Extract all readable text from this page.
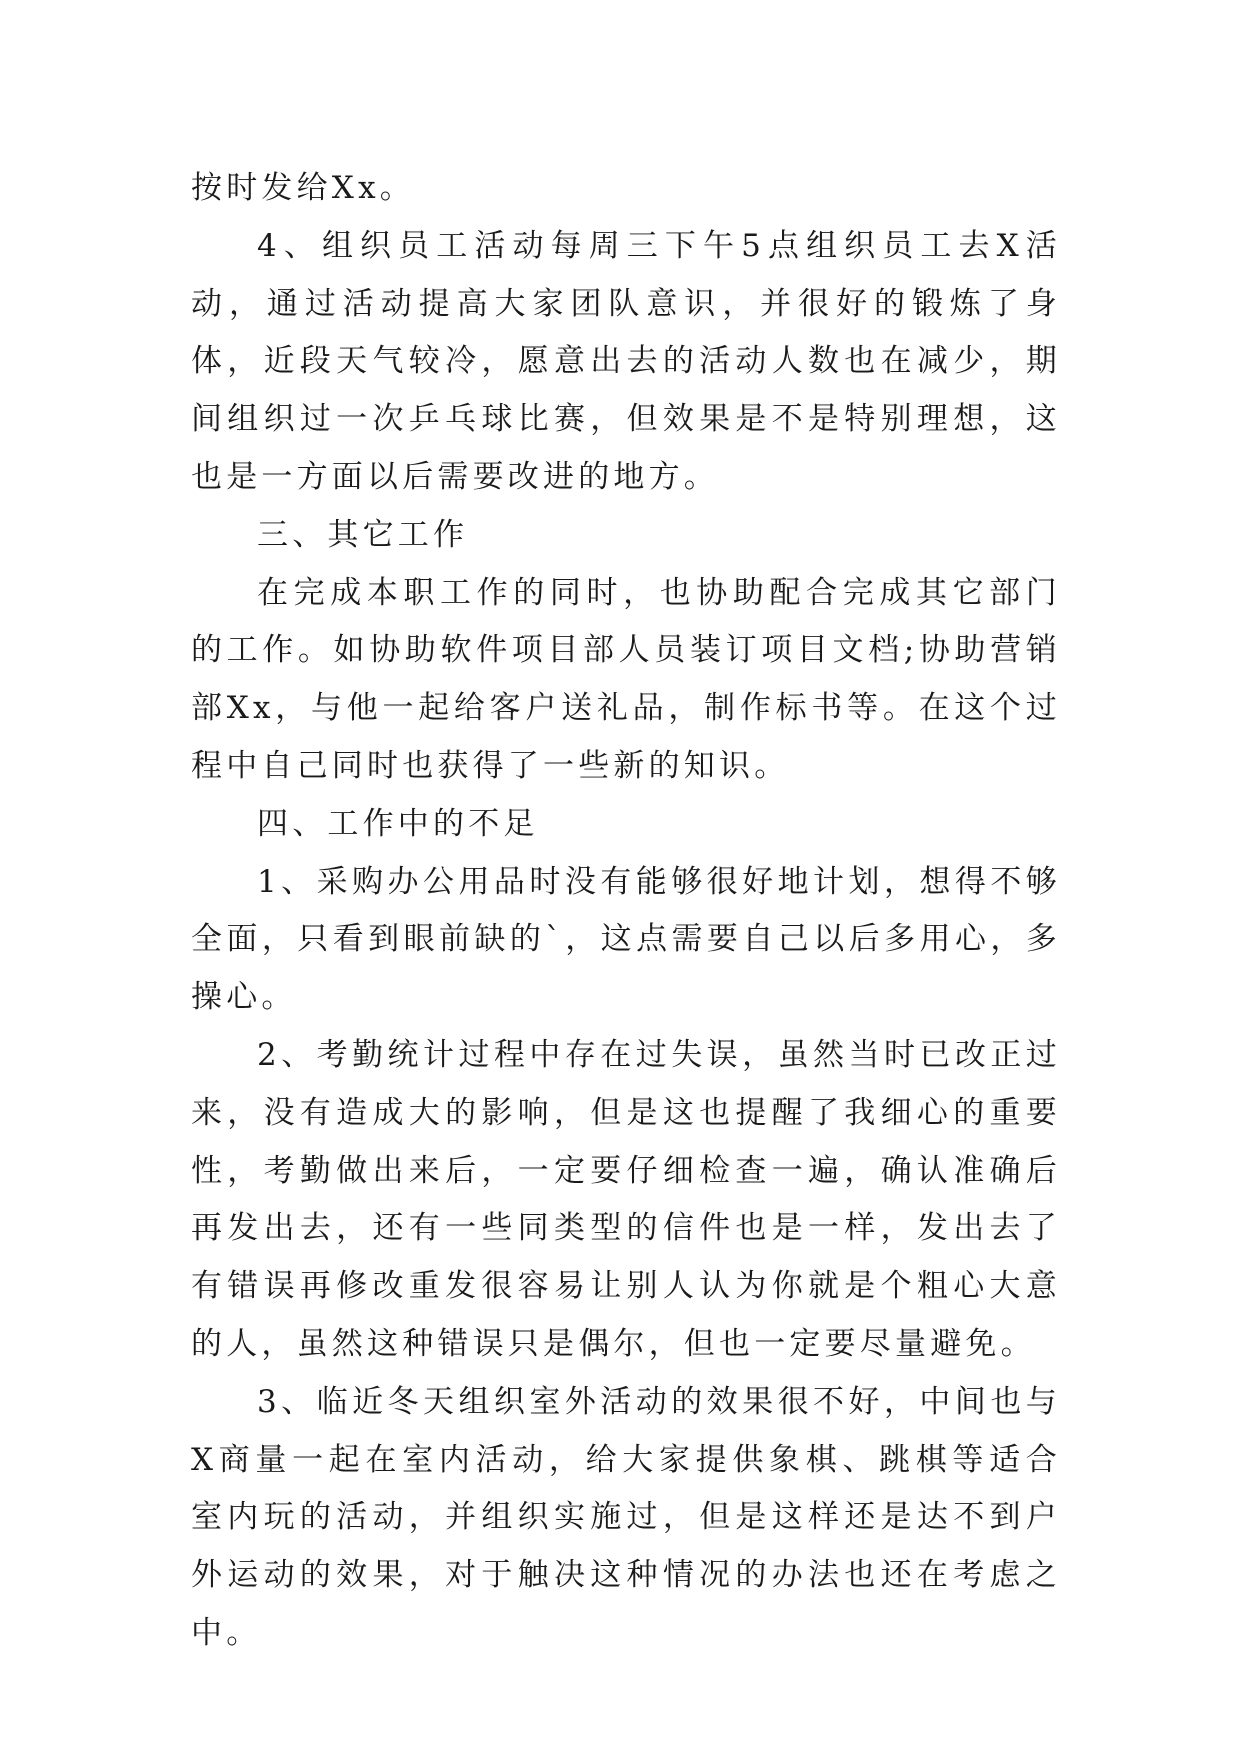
按时发给Xx。

4、组织员工活动每周三下午5点组织员工去X活动，通过活动提高大家团队意识，并很好的锻炼了身体，近段天气较冷，愿意出去的活动人数也在减少，期间组织过一次乒乓球比赛，但效果是不是特别理想，这也是一方面以后需要改进的地方。

三、其它工作

在完成本职工作的同时，也协助配合完成其它部门的工作。如协助软件项目部人员装订项目文档;协助营销部Xx，与他一起给客户送礼品，制作标书等。在这个过程中自己同时也获得了一些新的知识。

四、工作中的不足

1、采购办公用品时没有能够很好地计划，想得不够全面，只看到眼前缺的`，这点需要自己以后多用心，多操心。

2、考勤统计过程中存在过失误，虽然当时已改正过来，没有造成大的影响，但是这也提醒了我细心的重要性，考勤做出来后，一定要仔细检查一遍，确认准确后再发出去，还有一些同类型的信件也是一样，发出去了有错误再修改重发很容易让别人认为你就是个粗心大意的人，虽然这种错误只是偶尔，但也一定要尽量避免。

3、临近冬天组织室外活动的效果很不好，中间也与X商量一起在室内活动，给大家提供象棋、跳棋等适合室内玩的活动，并组织实施过，但是这样还是达不到户外运动的效果，对于触决这种情况的办法也还在考虑之中。
